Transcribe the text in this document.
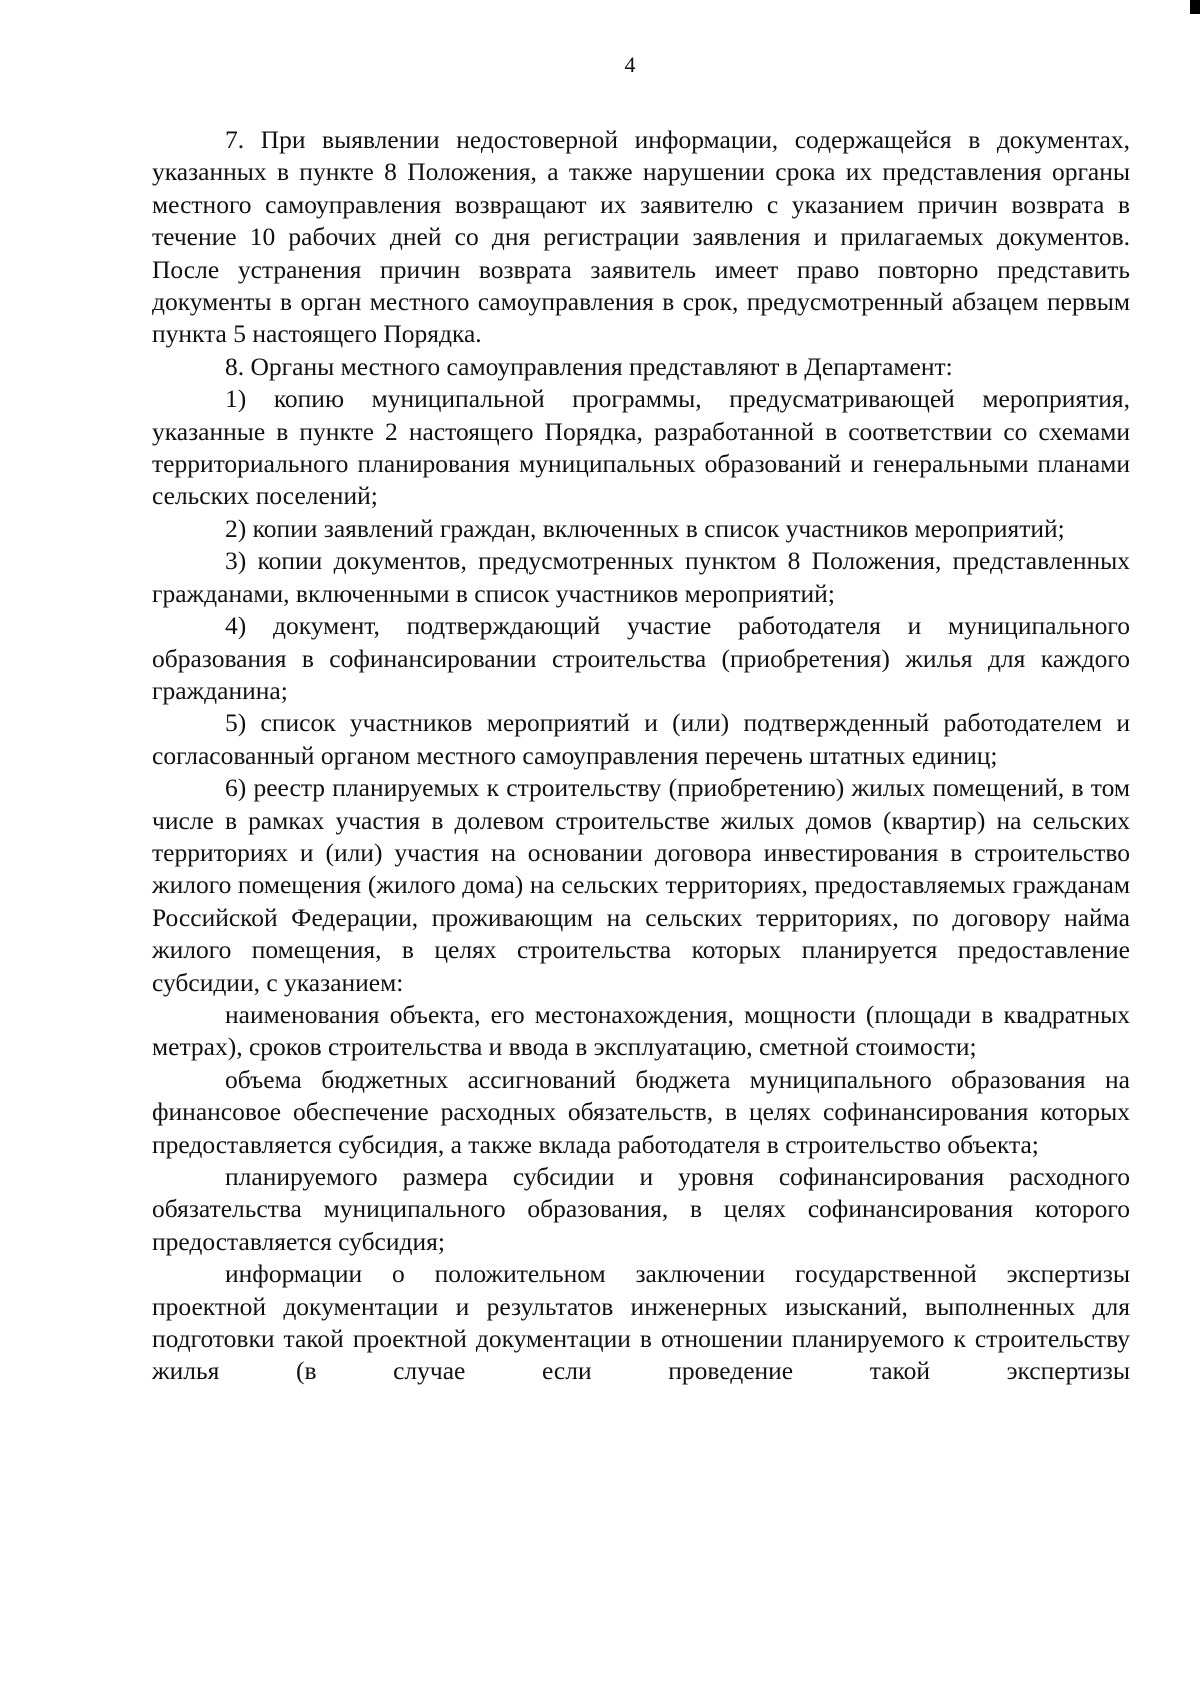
4

7. При выявлении недостоверной информации, содержащейся в документах, указанных в пункте 8 Положения, а также нарушении срока их представления органы местного самоуправления возвращают их заявителю с указанием причин возврата в течение 10 рабочих дней со дня регистрации заявления и прилагаемых документов. После устранения причин возврата заявитель имеет право повторно представить документы в орган местного самоуправления в срок, предусмотренный абзацем первым пункта 5 настоящего Порядка.

8. Органы местного самоуправления представляют в Департамент:

1) копию муниципальной программы, предусматривающей мероприятия, указанные в пункте 2 настоящего Порядка, разработанной в соответствии со схемами территориального планирования муниципальных образований и генеральными планами сельских поселений;

2) копии заявлений граждан, включенных в список участников мероприятий;

3) копии документов, предусмотренных пунктом 8 Положения, представленных гражданами, включенными в список участников мероприятий;

4) документ, подтверждающий участие работодателя и муниципального образования в софинансировании строительства (приобретения) жилья для каждого гражданина;

5) список участников мероприятий и (или) подтвержденный работодателем и согласованный органом местного самоуправления перечень штатных единиц;

6) реестр планируемых к строительству (приобретению) жилых помещений, в том числе в рамках участия в долевом строительстве жилых домов (квартир) на сельских территориях и (или) участия на основании договора инвестирования в строительство жилого помещения (жилого дома) на сельских территориях, предоставляемых гражданам Российской Федерации, проживающим на сельских территориях, по договору найма жилого помещения, в целях строительства которых планируется предоставление субсидии, с указанием:

наименования объекта, его местонахождения, мощности (площади в квадратных метрах), сроков строительства и ввода в эксплуатацию, сметной стоимости;

объема бюджетных ассигнований бюджета муниципального образования на финансовое обеспечение расходных обязательств, в целях софинансирования которых предоставляется субсидия, а также вклада работодателя в строительство объекта;

планируемого размера субсидии и уровня софинансирования расходного обязательства муниципального образования, в целях софинансирования которого предоставляется субсидия;

информации о положительном заключении государственной экспертизы проектной документации и результатов инженерных изысканий, выполненных для подготовки такой проектной документации в отношении планируемого к строительству жилья (в случае если проведение такой экспертизы
